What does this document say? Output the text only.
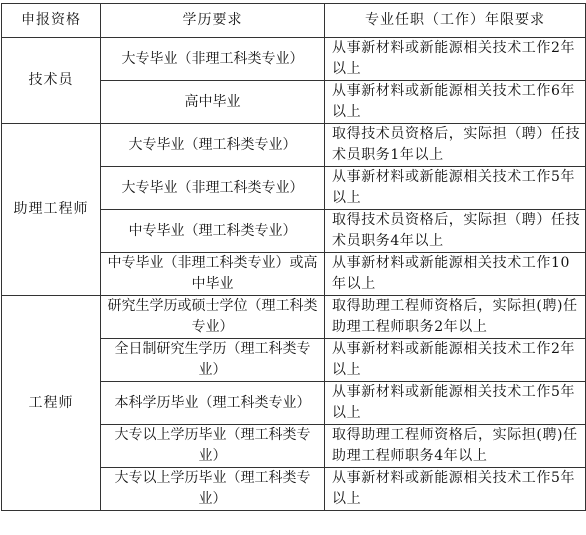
申报资格	学历要求	专业任职（工作）年限要求
技术员	大专毕业（非理工科类专业）	从事新材料或新能源相关技术工作2年以上
	高中毕业	从事新材料或新能源相关技术工作6年以上
助理工程师	大专毕业（理工科类专业）	取得技术员资格后，实际担（聘）任技术员职务1年以上
	大专毕业（非理工科类专业）	从事新材料或新能源相关技术工作5年以上
	中专毕业（理工科类专业）	取得技术员资格后，实际担（聘）任技术员职务4年以上
	中专毕业（非理工科类专业）或高中毕业	从事新材料或新能源相关技术工作10年以上
工程师	研究生学历或硕士学位（理工科类专业）	取得助理工程师资格后，实际担(聘)任助理工程师职务2年以上
	全日制研究生学历（理工科类专业）	从事新材料或新能源相关技术工作2年以上
	本科学历毕业（理工科类专业）	从事新材料或新能源相关技术工作5年以上
	大专以上学历毕业（理工科类专业）	取得助理工程师资格后，实际担(聘)任助理工程师职务4年以上
	大专以上学历毕业（理工科类专业）	从事新材料或新能源相关技术工作5年以上
